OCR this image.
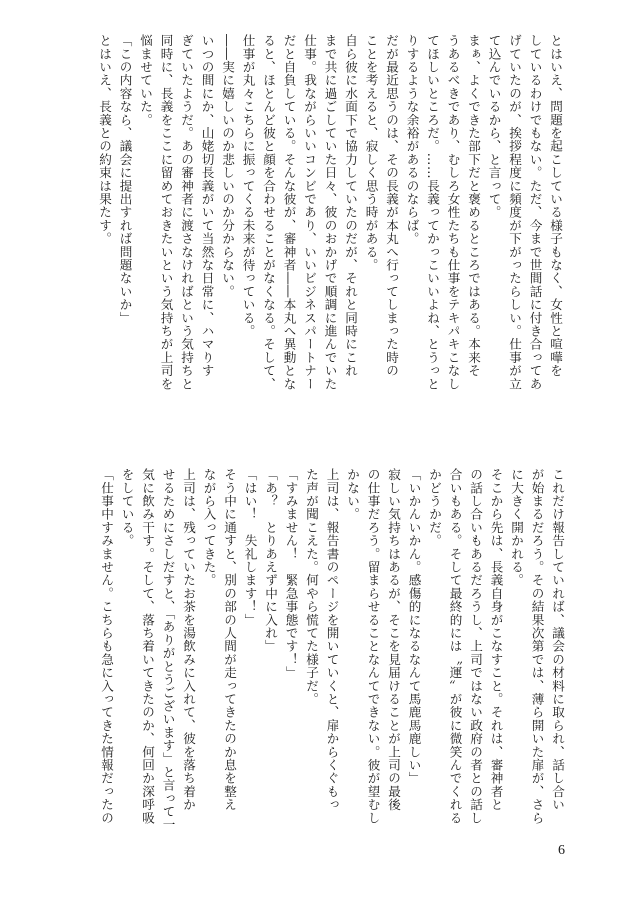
とはいえ、問題を起こしている様子もなく、女性と喧嘩を
しているわけでもない。ただ、今まで世間話に付き合ってあ
げていたのが、挨拶程度に頻度が下がったらしい。仕事が立
て込んでいるから、と言って。
まぁ、よくできた部下だと褒めるところではある。本来そ
うあるべきであり、むしろ女性たちも仕事をテキパキこなし
てほしいところだ。……長義ってかっこいいよね、とうっと
りするような余裕があるのならば。
だが最近思うのは、その長義が本丸へ行ってしまった時の
ことを考えると、寂しく思う時がある。
自ら彼に水面下で協力していたのだが、それと同時にこれ
まで共に過ごしていた日々、彼のおかげで順調に進んでいた
仕事。我ながらいいコンビであり、いいビジネスパートナー
だと自負している。そんな彼が、審神者――本丸へ異動とな
ると、ほとんど彼と顔を合わせることがなくなる。そして、
仕事が丸々こちらに振ってくる未来が待っている。
――実に嬉しいのか悲しいのか分からない。
いつの間にか、山姥切長義がいて当然な日常に、ハマりす
ぎていたようだ。あの審神者に渡さなければという気持ちと
同時に、長義をここに留めておきたいという気持ちが上司を
悩ませていた。
「この内容なら、議会に提出すれば問題ないか」
とはいえ、長義との約束は果たす。
これだけ報告していれば、議会の材料に取られ、話し合い
が始まるだろう。その結果次第では、薄ら開いた扉が、さら
に大きく開かれる。
そこから先は、長義自身がこなすこと。それは、審神者と
の話し合いもあるだろうし、上司ではない政府の者との話し
合いもある。そして最終的には〝運〟が彼に微笑んでくれる
かどうかだ。
「いかんいかん。感傷的になるなんて馬鹿馬鹿しい」
寂しい気持ちはあるが、そこを見届けることが上司の最後
の仕事だろう。留まらせることなんてできない。彼が望むし
かない。
上司は、報告書のページを開いていくと、扉からくぐもっ
た声が聞こえた。何やら慌てた様子だ。
「すみません！　緊急事態です！」
「あ？　とりあえず中に入れ」
「はい！　失礼します！」
そう中に通すと、別の部の人間が走ってきたのか息を整え
ながら入ってきた。
上司は、残っていたお茶を湯飲みに入れて、彼を落ち着か
せるためにさしだすと、「ありがとうございます」と言って一
気に飲み干す。そして、落ち着いてきたのか、何回か深呼吸
をしている。
「仕事中すみません。こちらも急に入ってきた情報だったの
6
